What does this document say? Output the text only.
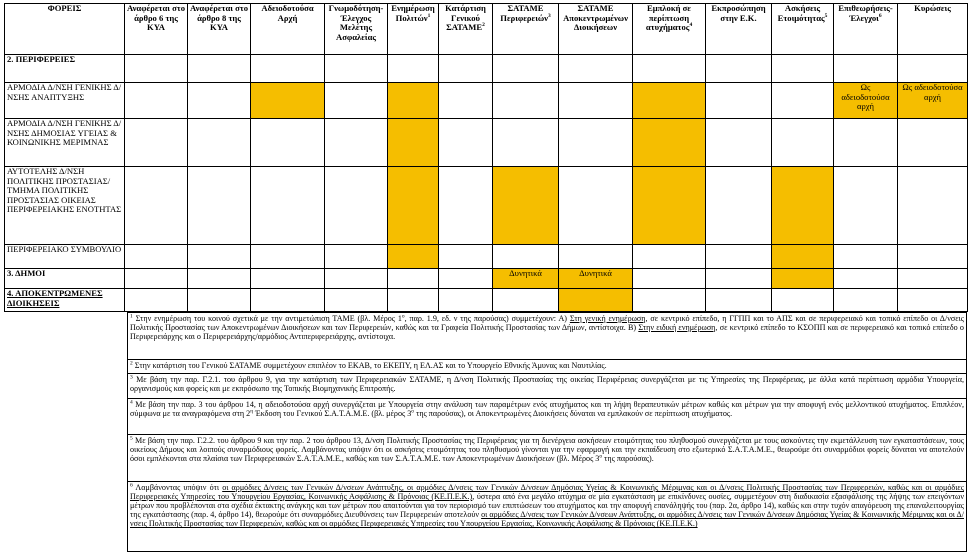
ΦΟΡΕΙΣ	Αναφέρεται στο άρθρο 6 της ΚΥΑ	Αναφέρεται στο άρθρο 8 της ΚΥΑ	Αδειοδοτούσα Αρχή	Γνωμοδότηση-Έλεγχος Μελέτης Ασφαλείας	Ενημέρωση Πολιτών$^1$	Κατάρτιση Γενικού ΣΑΤΑΜΕ$^2$	ΣΑΤΑΜΕ Περιφερειών$^3$	ΣΑΤΑΜΕ Αποκεντρωμένων Διοικήσεων	Εμπλοκή σε περίπτωση ατυχήματος$^4$	Εκπροσώπηση στην Ε.Κ.	Ασκήσεις Ετοιμότητας$^5$	Επιθεωρήσεις-Έλεγχοι$^6$	Κυρώσεις
2. ΠΕΡΙΦΕΡΕΙΕΣ													
ΑΡΜΟΔΙΑ Δ/ΝΣΗ ΓΕΝΙΚΗΣ Δ/ΝΣΗΣ ΑΝΑΠΤΥΞΗΣ												Ως αδειοδοτούσα αρχή	Ως αδειοδοτούσα αρχή
ΑΡΜΟΔΙΑ Δ/ΝΣΗ ΓΕΝΙΚΗΣ Δ/ΝΣΗΣ ΔΗΜΟΣΙΑΣ ΥΓΕΙΑΣ & ΚΟΙΝΩΝΙΚΗΣ ΜΕΡΙΜΝΑΣ													
ΑΥΤΟΤΕΛΗΣ Δ/ΝΣΗ ΠΟΛΙΤΙΚΗΣ ΠΡΟΣΤΑΣΙΑΣ/ΤΜΗΜΑ ΠΟΛΙΤΙΚΗΣ ΠΡΟΣΤΑΣΙΑΣ ΟΙΚΕΙΑΣ ΠΕΡΙΦΕΡΕΙΑΚΗΣ ΕΝΟΤΗΤΑΣ													
ΠΕΡΙΦΕΡΕΙΑΚΟ ΣΥΜΒΟΥΛΙΟ													
3. ΔΗΜΟΙ							Δυνητικά	Δυνητικά					
4. ΑΠΟΚΕΝΤΡΩΜΕΝΕΣ ΔΙΟΙΚΗΣΕΙΣ													
$^1$ Στην ενημέρωση του κοινού σχετικά με την αντιμετώπιση ΤΑΜΕ (βλ. Μέρος $1^o$, παρ. 1.9, εδ. ν της παρούσας) συμμετέχουν: Α) Στη γενική ενημέρωση, σε κεντρικό επίπεδο, η ΓΓΠΠ και το ΑΠΣ και σε περιφερειακό και τοπικό επίπεδο οι Δ/νσεις Πολιτικής Προστασίας των Αποκεντρωμένων Διοικήσεων και των Περιφερειών, καθώς και τα Γραφεία Πολιτικής Προστασίας των Δήμων, αντίστοιχα. Β) Στην ειδική ενημέρωση, σε κεντρικό επίπεδο το ΚΣΟΠΠ και σε περιφερειακό και τοπικό επίπεδο ο Περιφερειάρχης και ο Περιφερειάρχης/αρμόδιος Αντιπεριφερειάρχης, αντίστοιχα.
$^2$ Στην κατάρτιση του Γενικού ΣΑΤΑΜΕ συμμετέχουν επιπλέον το ΕΚΑΒ, το ΕΚΕΠΥ, η ΕΛ.ΑΣ και το Υπουργείο Εθνικής Άμυνας και Ναυτιλίας.
$^3$ Με βάση την παρ. Γ.2.1. του άρθρου 9, για την κατάρτιση των Περιφερειακών ΣΑΤΑΜΕ, η Δ/νση Πολιτικής Προστασίας της οικείας Περιφέρειας συνεργάζεται με τις Υπηρεσίες της Περιφέρειας, με άλλα κατά περίπτωση αρμόδια Υπουργεία, οργανισμούς και φορείς και με εκπρόσωπο της Τοπικής Βιομηχανικής Επιτροπής.
$^4$ Με βάση την παρ. 3 του άρθρου 14, η αδειοδοτούσα αρχή συνεργάζεται με Υπουργεία στην ανάλυση των παραμέτρων ενός ατυχήματος και τη λήψη θεραπευτικών μέτρων καθώς και μέτρων για την αποφυγή ενός μελλοντικού ατυχήματος. Επιπλέον, σύμφωνα με τα αναγραφόμενα στη $2^\eta$ Έκδοση του Γενικού Σ.Α.Τ.Α.Μ.Ε. (βλ. μέρος $3^o$ της παρούσας), οι Αποκεντρωμένες Διοικήσεις δύναται να εμπλακούν σε περίπτωση ατυχήματος.
$^5$ Με βάση την παρ. Γ.2.2. του άρθρου 9 και την παρ. 2 του άρθρου 13, Δ/νση Πολιτικής Προστασίας της Περιφέρειας για τη διενέργεια ασκήσεων ετοιμότητας του πληθυσμού συνεργάζεται με τους ασκούντες την εκμετάλλευση των εγκαταστάσεων, τους οικείους Δήμους και λοιπούς συναρμόδιους φορείς. Λαμβάνοντας υπόψιν ότι οι ασκήσεις ετοιμότητας του πληθυσμού γίνονται για την εφαρμογή και την εκπαίδευση στο εξωτερικό Σ.Α.Τ.Α.Μ.Ε., θεωρούμε ότι συναρμόδιοι φορείς δύναται να αποτελούν όσοι εμπλέκονται στα πλαίσια των Περιφερειακών Σ.Α.Τ.Α.Μ.Ε., καθώς και των Σ.Α.Τ.Α.Μ.Ε. των Αποκεντρωμένων Διοικήσεων (βλ. Μέρος $3^o$ της παρούσας).
$^6$ Λαμβάνοντας υπόψιν ότι οι αρμόδιες Δ/νσεις των Γενικών Δ/νσεων Ανάπτυξης, οι αρμόδιες Δ/νσεις των Γενικών Δ/νσεων Δημόσιας Υγείας & Κοινωνικής Μέριμνας και οι Δ/νσεις Πολιτικής Προστασίας των Περιφερειών, καθώς και οι αρμόδιες Περιφερειακές Υπηρεσίες του Υπουργείου Εργασίας, Κοινωνικής Ασφάλισης & Πρόνοιας (ΚΕ.Π.Ε.Κ.), ύστερα από ένα μεγάλο ατύχημα σε μία εγκατάσταση με επικίνδυνες ουσίες, συμμετέχουν στη διαδικασία εξασφάλισης της λήψης των επειγόντων μέτρων που προβλέπονται στα σχέδια έκτακτης ανάγκης και των μέτρων που απαιτούνται για τον περιορισμό των επιπτώσεων του ατυχήματος και την αποφυγή επανάληψής του (παρ. 2α, άρθρο 14), καθώς και στην τυχόν απαγόρευση της επαναλειτουργίας της εγκατάστασης (παρ. 4, άρθρο 14), θεωρούμε ότι συναρμόδιες Διευθύνσεις των Περιφερειών αποτελούν οι αρμόδιες Δ/νσεις των Γενικών Δ/νσεων Ανάπτυξης, οι αρμόδιες Δ/νσεις των Γενικών Δ/νσεων Δημόσιας Υγείας & Κοινωνικής Μέριμνας και οι Δ/νσεις Πολιτικής Προστασίας των Περιφερειών, καθώς και οι αρμόδιες Περιφερειακές Υπηρεσίες του Υπουργείου Εργασίας, Κοινωνικής Ασφάλισης & Πρόνοιας (ΚΕ.Π.Ε.Κ.)
